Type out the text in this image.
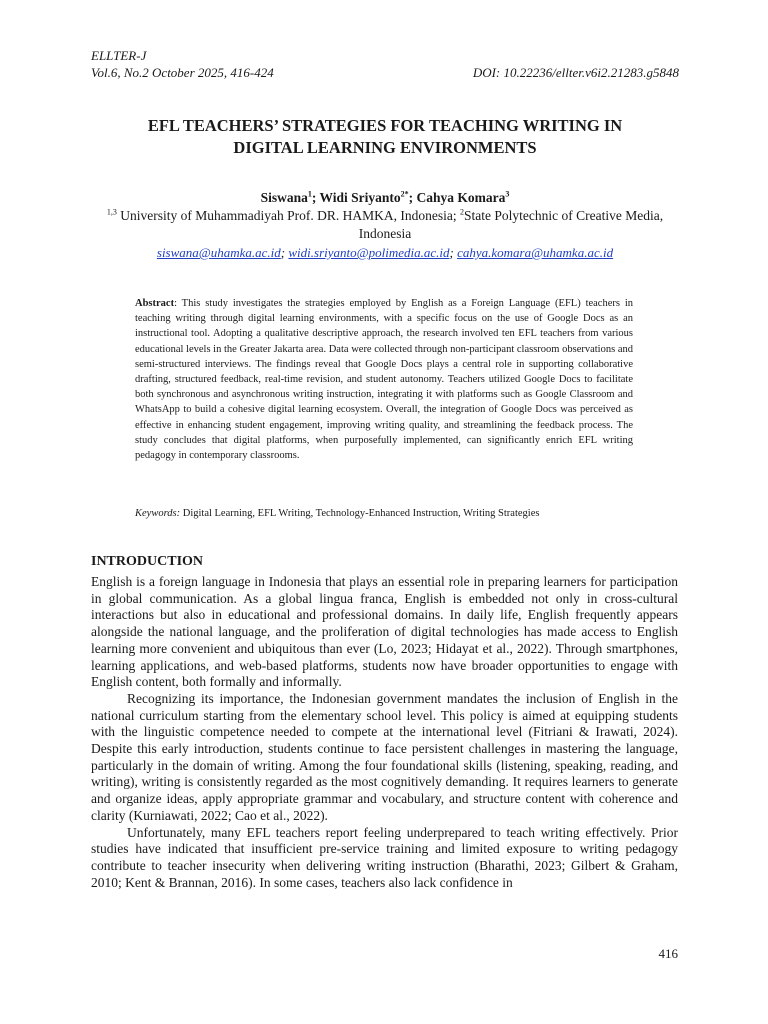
ELLTER-J
Vol.6, No.2 October 2025, 416-424	DOI: 10.22236/ellter.v6i2.21283.g5848
EFL TEACHERS’ STRATEGIES FOR TEACHING WRITING IN
DIGITAL LEARNING ENVIRONMENTS
Siswana$^1$; Widi Sriyanto$^{2*}$; Cahya Komara$^3$
$^{1,3}$ University of Muhammadiyah Prof. DR. HAMKA, Indonesia; $^2$State Polytechnic of Creative Media, Indonesia
siswana@uhamka.ac.id; widi.sriyanto@polimedia.ac.id; cahya.komara@uhamka.ac.id
Abstract: This study investigates the strategies employed by English as a Foreign Language (EFL) teachers in teaching writing through digital learning environments, with a specific focus on the use of Google Docs as an instructional tool. Adopting a qualitative descriptive approach, the research involved ten EFL teachers from various educational levels in the Greater Jakarta area. Data were collected through non-participant classroom observations and semi-structured interviews. The findings reveal that Google Docs plays a central role in supporting collaborative drafting, structured feedback, real-time revision, and student autonomy. Teachers utilized Google Docs to facilitate both synchronous and asynchronous writing instruction, integrating it with platforms such as Google Classroom and WhatsApp to build a cohesive digital learning ecosystem. Overall, the integration of Google Docs was perceived as effective in enhancing student engagement, improving writing quality, and streamlining the feedback process. The study concludes that digital platforms, when purposefully implemented, can significantly enrich EFL writing pedagogy in contemporary classrooms.
Keywords: Digital Learning, EFL Writing, Technology-Enhanced Instruction, Writing Strategies
INTRODUCTION

English is a foreign language in Indonesia that plays an essential role in preparing learners for participation in global communication. As a global lingua franca, English is embedded not only in cross-cultural interactions but also in educational and professional domains. In daily life, English frequently appears alongside the national language, and the proliferation of digital technologies has made access to English learning more convenient and ubiquitous than ever (Lo, 2023; Hidayat et al., 2022). Through smartphones, learning applications, and web-based platforms, students now have broader opportunities to engage with English content, both formally and informally.

Recognizing its importance, the Indonesian government mandates the inclusion of English in the national curriculum starting from the elementary school level. This policy is aimed at equipping students with the linguistic competence needed to compete at the international level (Fitriani & Irawati, 2024). Despite this early introduction, students continue to face persistent challenges in mastering the language, particularly in the domain of writing. Among the four foundational skills (listening, speaking, reading, and writing), writing is consistently regarded as the most cognitively demanding. It requires learners to generate and organize ideas, apply appropriate grammar and vocabulary, and structure content with coherence and clarity (Kurniawati, 2022; Cao et al., 2022).

Unfortunately, many EFL teachers report feeling underprepared to teach writing effectively. Prior studies have indicated that insufficient pre-service training and limited exposure to writing pedagogy contribute to teacher insecurity when delivering writing instruction (Bharathi, 2023; Gilbert & Graham, 2010; Kent & Brannan, 2016). In some cases, teachers also lack confidence in

416
